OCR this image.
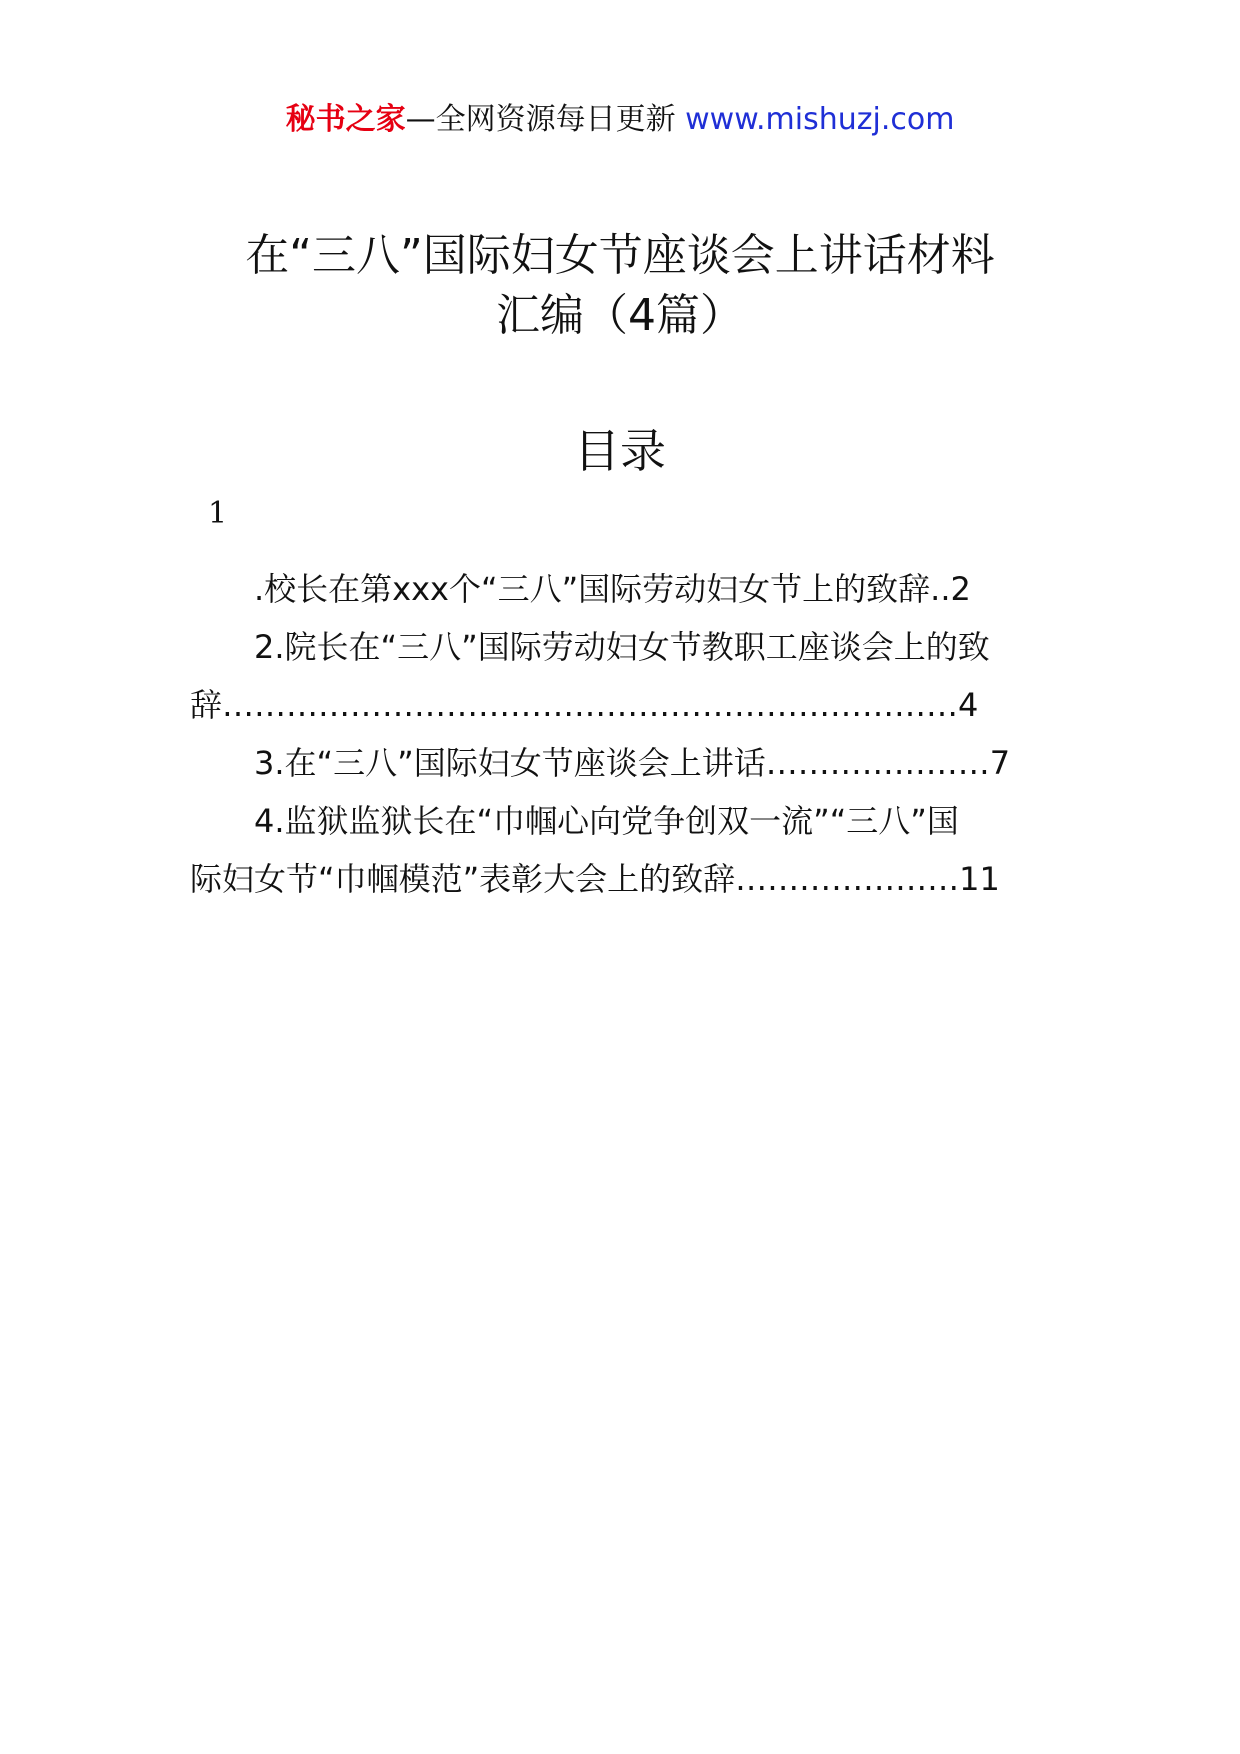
秘书之家—全网资源每日更新 www.mishuzj.com
在“三八”国际妇女节座谈会上讲话材料
汇编（4篇）
目录
1
.校长在第xxx个“三八”国际劳动妇女节上的致辞..2
2.院长在“三八”国际劳动妇女节教职工座谈会上的致
辞……………………………………………………………4
3.在“三八”国际妇女节座谈会上讲话…………………7
4.监狱监狱长在“巾帼心向党争创双一流”“三八”国
际妇女节“巾帼模范”表彰大会上的致辞…………………11
